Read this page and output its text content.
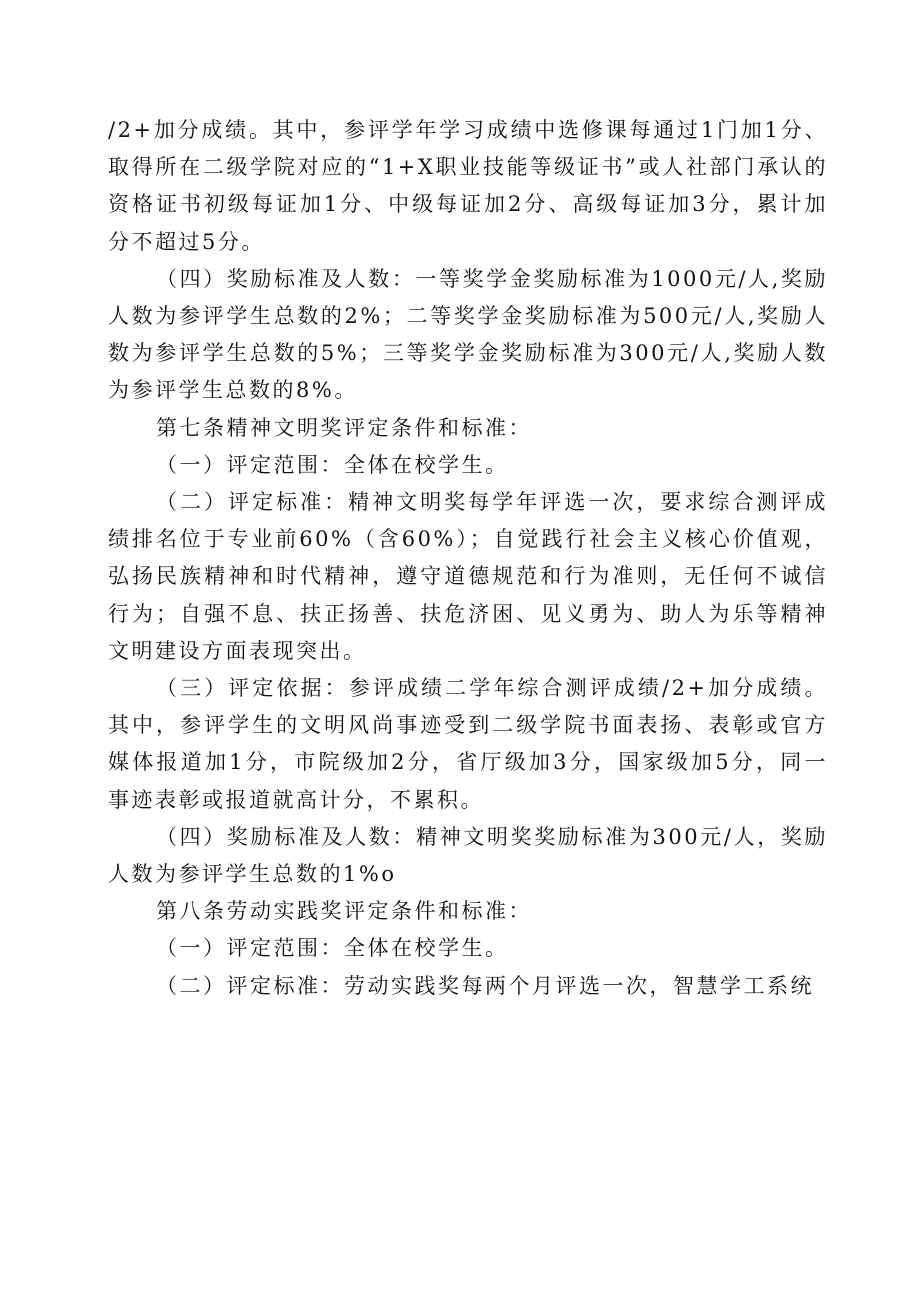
/2+加分成绩。其中，参评学年学习成绩中选修课每通过1门加1分、取得所在二级学院对应的“1+X职业技能等级证书”或人社部门承认的资格证书初级每证加1分、中级每证加2分、高级每证加3分，累计加分不超过5分。

（四）奖励标准及人数：一等奖学金奖励标准为1000元/人,奖励人数为参评学生总数的2%；二等奖学金奖励标准为500元/人,奖励人数为参评学生总数的5%；三等奖学金奖励标准为300元/人,奖励人数为参评学生总数的8%。

第七条精神文明奖评定条件和标准：

（一）评定范围：全体在校学生。

（二）评定标准：精神文明奖每学年评选一次，要求综合测评成绩排名位于专业前60%（含60%）；自觉践行社会主义核心价值观，弘扬民族精神和时代精神，遵守道德规范和行为准则，无任何不诚信行为；自强不息、扶正扬善、扶危济困、见义勇为、助人为乐等精神文明建设方面表现突出。

（三）评定依据：参评成绩二学年综合测评成绩/2+加分成绩。其中，参评学生的文明风尚事迹受到二级学院书面表扬、表彰或官方媒体报道加1分，市院级加2分，省厅级加3分，国家级加5分，同一事迹表彰或报道就高计分，不累积。

（四）奖励标准及人数：精神文明奖奖励标准为300元/人，奖励人数为参评学生总数的1%o

第八条劳动实践奖评定条件和标准：

（一）评定范围：全体在校学生。

（二）评定标准：劳动实践奖每两个月评选一次，智慧学工系统
